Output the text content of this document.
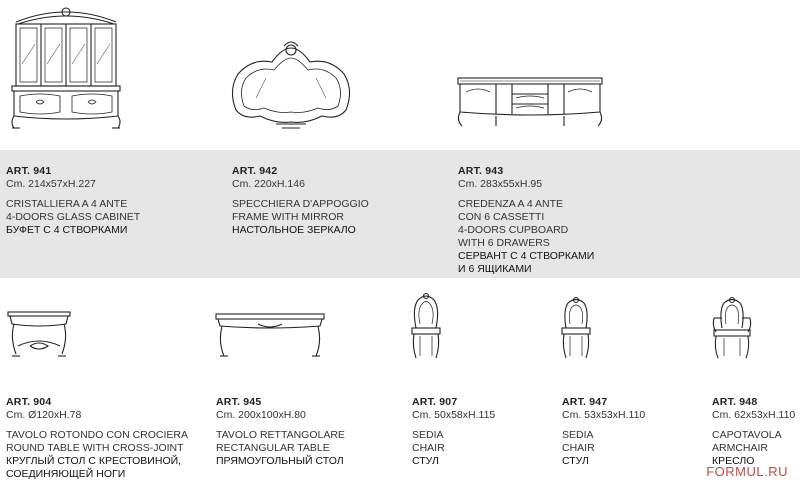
ART. 941
Cm. 214x57xH.227
CRISTALLIERA A 4 ANTE
4-DOORS GLASS CABINET
БУФЕТ С 4 СТВОРКАМИ
ART. 942
Cm. 220xH.146
SPECCHIERA D'APPOGGIO
FRAME WITH MIRROR
НАСТОЛЬНОЕ ЗЕРКАЛО
ART. 943
Cm. 283x55xH.95
CREDENZA A 4 ANTE
CON 6 CASSETTI
4-DOORS CUPBOARD
WITH 6 DRAWERS
СЕРВАНТ С 4 СТВОРКАМИ
И 6 ЯЩИКАМИ
ART. 904
Cm. Ø120xH.78
TAVOLO ROTONDO CON CROCIERA
ROUND TABLE WITH CROSS-JOINT
КРУГЛЫЙ СТОЛ С КРЕСТОВИНОЙ,
СОЕДИНЯЮЩЕЙ НОГИ
ART. 945
Cm. 200x100xH.80
TAVOLO RETTANGOLARE
RECTANGULAR TABLE
ПРЯМОУГОЛЬНЫЙ СТОЛ
ART. 907
Cm. 50x58xH.115
SEDIA
CHAIR
СТУЛ
ART. 947
Cm. 53x53xH.110
SEDIA
CHAIR
СТУЛ
ART. 948
Cm. 62x53xH.110
CAPOTAVOLA
ARMCHAIR
КРЕСЛО
FORMUL.RU
